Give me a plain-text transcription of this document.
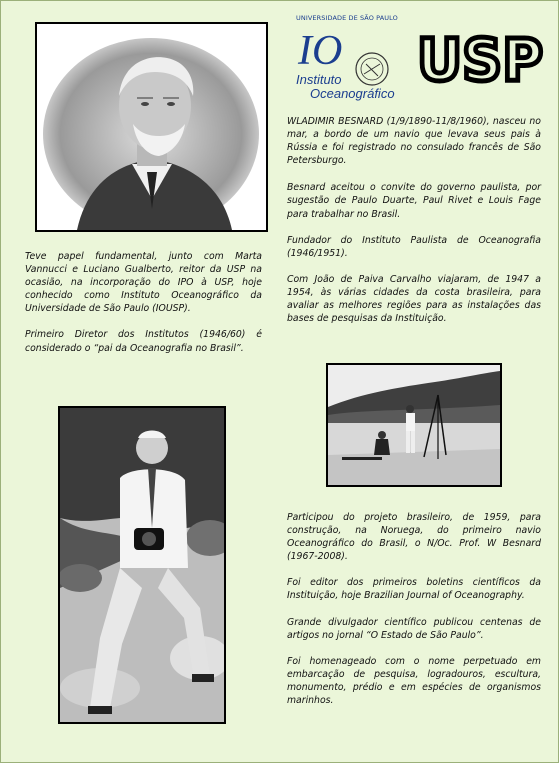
UNIVERSIDADE DE SÃO PAULO
IO
Instituto
Oceanográfico USP

WLADIMIR BESNARD (1/9/1890-11/8/1960), nasceu no mar, a bordo de um navio que levava seus pais à Rússia e foi registrado no consulado francês de São Petersburgo.

Besnard aceitou o convite do governo paulista, por sugestão de Paulo Duarte, Paul Rivet e Louis Fage para trabalhar no Brasil.

Fundador do Instituto Paulista de Oceanografia (1946/1951).

Com João de Paiva Carvalho viajaram, de 1947 a 1954, às várias cidades da costa brasileira, para avaliar as melhores regiões para as instalações das bases de pesquisas da Instituição.

Teve papel fundamental, junto com Marta Vannucci e Luciano Gualberto, reitor da USP na ocasião, na incorporação do IPO à USP, hoje conhecido como Instituto Oceanográfico da Universidade de São Paulo (IOUSP).

Primeiro Diretor dos Institutos (1946/60) é considerado o “pai da Oceanografia no Brasil”.

Participou do projeto brasileiro, de 1959, para construção, na Noruega, do primeiro navio Oceanográfico do Brasil, o N/Oc. Prof. W Besnard (1967-2008).

Foi editor dos primeiros boletins científicos da Instituição, hoje Brazilian Journal of Oceanography.

Grande divulgador científico publicou centenas de artigos no jornal “O Estado de São Paulo”.

Foi homenageado com o nome perpetuado em embarcação de pesquisa, logradouros, escultura, monumento, prédio e em espécies de organismos marinhos.
